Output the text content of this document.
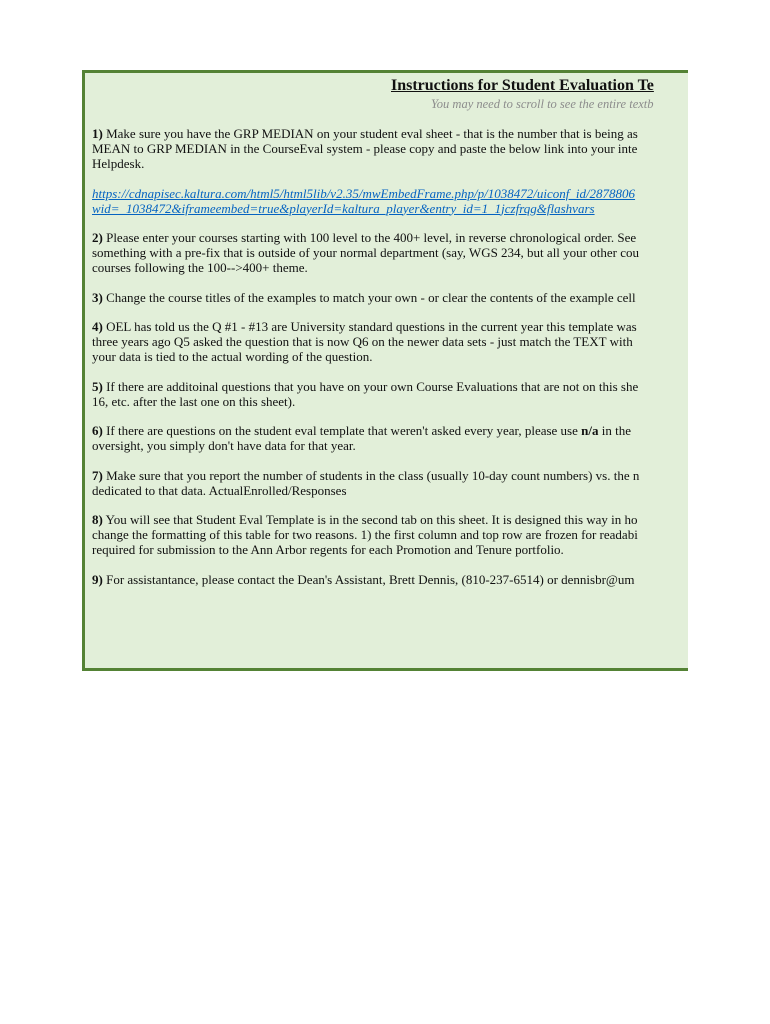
Instructions for Student Evaluation Te
You may need to scroll to see the entire textb
1) Make sure you have the GRP MEDIAN on your student eval sheet - that is the number that is being as
MEAN to GRP MEDIAN in the CourseEval system - please copy and paste the below link into your inte
Helpdesk.
https://cdnapisec.kaltura.com/html5/html5lib/v2.35/mwEmbedFrame.php/p/1038472/uiconf_id/2878806
wid=_1038472&iframeembed=true&playerId=kaltura_player&entry_id=1_1jczfrqg&flashvars
2) Please enter your courses starting with 100 level to the 400+ level, in reverse chronological order. See
something with a pre-fix that is outside of your normal department (say, WGS 234, but all your other cou
courses following the 100-->400+ theme.
3) Change the course titles of the examples to match your own - or clear the contents of the example cell
4) OEL has told us the Q #1 - #13 are University standard questions in the current year this template was
three years ago Q5 asked the question that is now Q6 on the newer data sets - just match the TEXT with
your data is tied to the actual wording of the question.
5) If there are additoinal questions that you have on your own Course Evaluations that are not on this she
16, etc. after the last one on this sheet).
6) If there are questions on the student eval template that weren't asked every year, please use n/a in the
oversight, you simply don't have data for that year.
7) Make sure that you report the number of students in the class (usually 10-day count numbers) vs. the n
dedicated to that data. ActualEnrolled/Responses
8) You will see that Student Eval Template is in the second tab on this sheet. It is designed this way in ho
change the formatting of this table for two reasons. 1) the first column and top row are frozen for readabi
required for submission to the Ann Arbor regents for each Promotion and Tenure portfolio.
9) For assistantance, please contact the Dean's Assistant, Brett Dennis, (810-237-6514) or dennisbr@um
